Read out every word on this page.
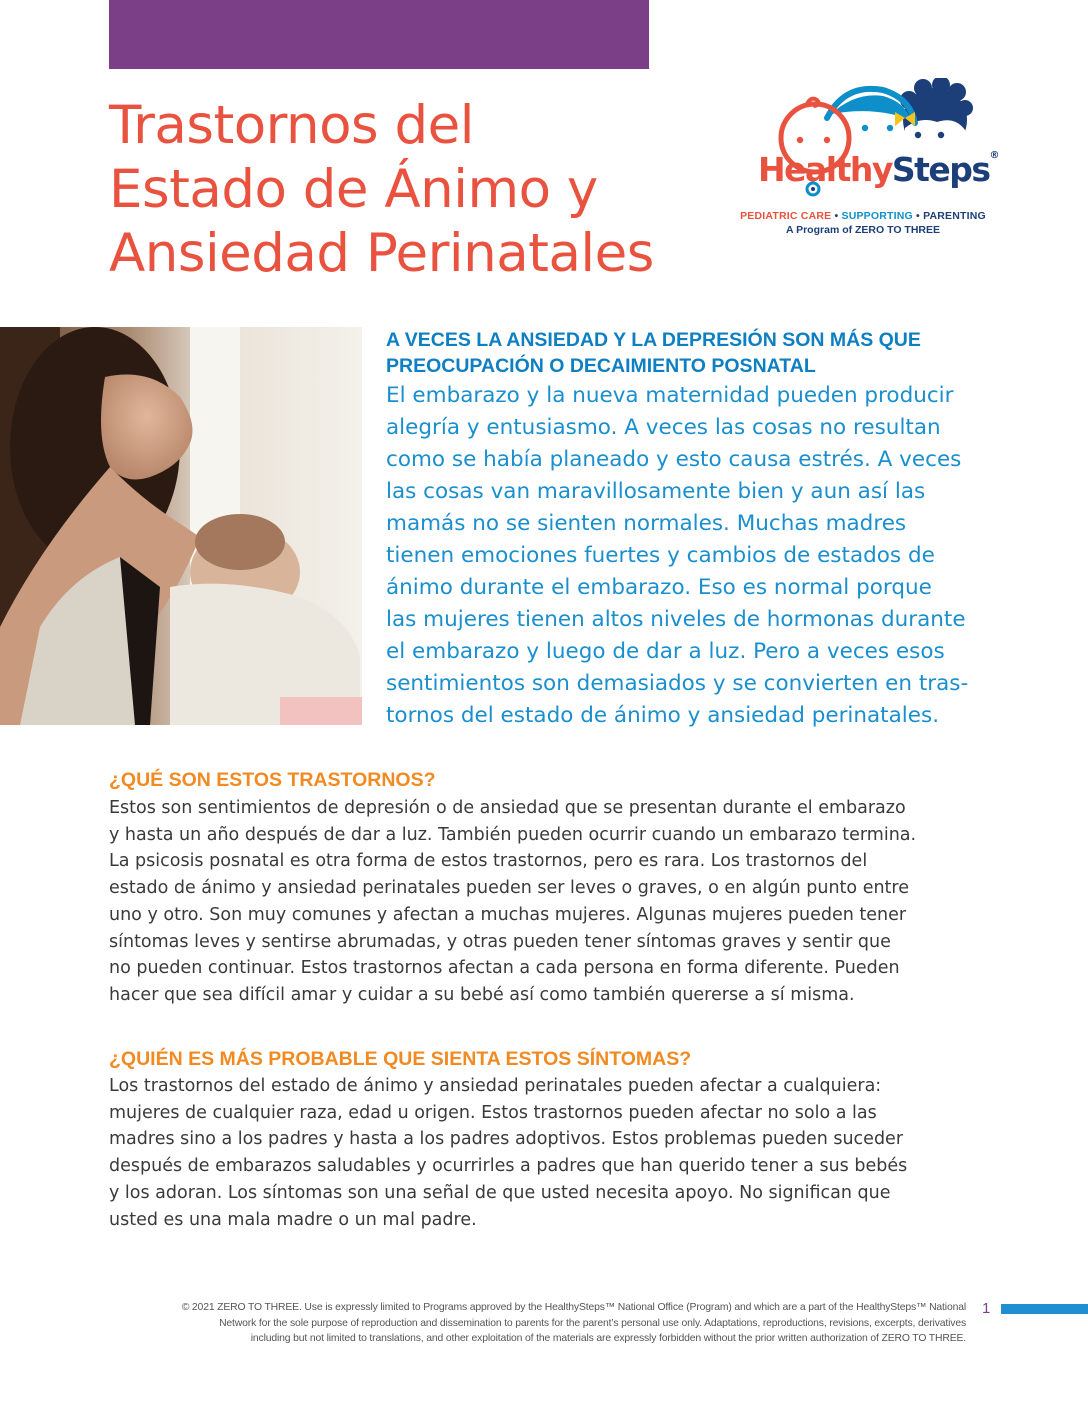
Trastornos del
Estado de Ánimo y
Ansiedad Perinatales
HealthySteps®
PEDIATRIC CARE • SUPPORTING • PARENTING
A Program of ZERO TO THREE
A VECES LA ANSIEDAD Y LA DEPRESIÓN SON MÁS QUE
PREOCUPACIÓN O DECAIMIENTO POSNATAL

El embarazo y la nueva maternidad pueden producir
alegría y entusiasmo. A veces las cosas no resultan
como se había planeado y esto causa estrés. A veces
las cosas van maravillosamente bien y aun así las
mamás no se sienten normales. Muchas madres
tienen emociones fuertes y cambios de estados de
ánimo durante el embarazo. Eso es normal porque
las mujeres tienen altos niveles de hormonas durante
el embarazo y luego de dar a luz. Pero a veces esos
sentimientos son demasiados y se convierten en tras-
tornos del estado de ánimo y ansiedad perinatales.

¿QUÉ SON ESTOS TRASTORNOS?

Estos son sentimientos de depresión o de ansiedad que se presentan durante el embarazo
y hasta un año después de dar a luz. También pueden ocurrir cuando un embarazo termina.
La psicosis posnatal es otra forma de estos trastornos, pero es rara. Los trastornos del
estado de ánimo y ansiedad perinatales pueden ser leves o graves, o en algún punto entre
uno y otro. Son muy comunes y afectan a muchas mujeres. Algunas mujeres pueden tener
síntomas leves y sentirse abrumadas, y otras pueden tener síntomas graves y sentir que
no pueden continuar. Estos trastornos afectan a cada persona en forma diferente. Pueden
hacer que sea difícil amar y cuidar a su bebé así como también quererse a sí misma.

¿QUIÉN ES MÁS PROBABLE QUE SIENTA ESTOS SÍNTOMAS?

Los trastornos del estado de ánimo y ansiedad perinatales pueden afectar a cualquiera:
mujeres de cualquier raza, edad u origen. Estos trastornos pueden afectar no solo a las
madres sino a los padres y hasta a los padres adoptivos. Estos problemas pueden suceder
después de embarazos saludables y ocurrirles a padres que han querido tener a sus bebés
y los adoran. Los síntomas son una señal de que usted necesita apoyo. No significan que
usted es una mala madre o un mal padre.

© 2021 ZERO TO THREE. Use is expressly limited to Programs approved by the HealthySteps™ National Office (Program) and which are a part of the HealthySteps™ National
Network for the sole purpose of reproduction and dissemination to parents for the parent’s personal use only. Adaptations, reproductions, revisions, excerpts, derivatives
including but not limited to translations, and other exploitation of the materials are expressly forbidden without the prior written authorization of ZERO TO THREE.

1
